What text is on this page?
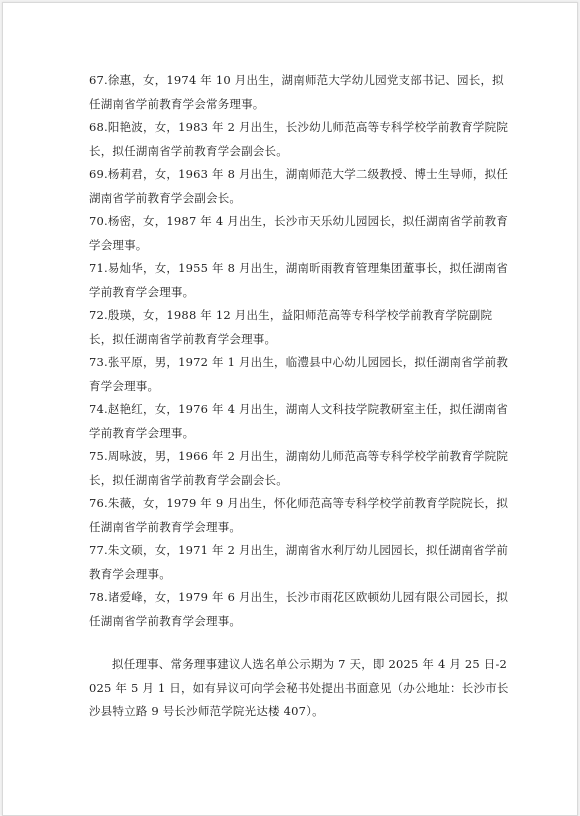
67.徐惠，女，1974 年 10 月出生，湖南师范大学幼儿园党支部书记、园长，拟任湖南省学前教育学会常务理事。

68.阳艳波，女，1983 年 2 月出生，长沙幼儿师范高等专科学校学前教育学院院长，拟任湖南省学前教育学会副会长。

69.杨莉君，女，1963 年 8 月出生，湖南师范大学二级教授、博士生导师，拟任湖南省学前教育学会副会长。

70.杨密，女，1987 年 4 月出生，长沙市天乐幼儿园园长，拟任湖南省学前教育学会理事。

71.易灿华，女，1955 年 8 月出生，湖南昕雨教育管理集团董事长，拟任湖南省学前教育学会理事。

72.殷瑛，女，1988 年 12 月出生，益阳师范高等专科学校学前教育学院副院长，拟任湖南省学前教育学会理事。

73.张平原，男，1972 年 1 月出生，临澧县中心幼儿园园长，拟任湖南省学前教育学会理事。

74.赵艳红，女，1976 年 4 月出生，湖南人文科技学院教研室主任，拟任湖南省学前教育学会理事。

75.周咏波，男，1966 年 2 月出生，湖南幼儿师范高等专科学校学前教育学院院长，拟任湖南省学前教育学会副会长。

76.朱薇，女，1979 年 9 月出生，怀化师范高等专科学校学前教育学院院长，拟任湖南省学前教育学会理事。

77.朱文硕，女，1971 年 2 月出生，湖南省水利厅幼儿园园长，拟任湖南省学前教育学会理事。

78.诸爱峰，女，1979 年 6 月出生，长沙市雨花区欧顿幼儿园有限公司园长，拟任湖南省学前教育学会理事。

拟任理事、常务理事建议人选名单公示期为 7 天，即 2025 年 4 月 25 日-2025 年 5 月 1 日，如有异议可向学会秘书处提出书面意见（办公地址：长沙市长沙县特立路 9 号长沙师范学院光达楼 407）。
